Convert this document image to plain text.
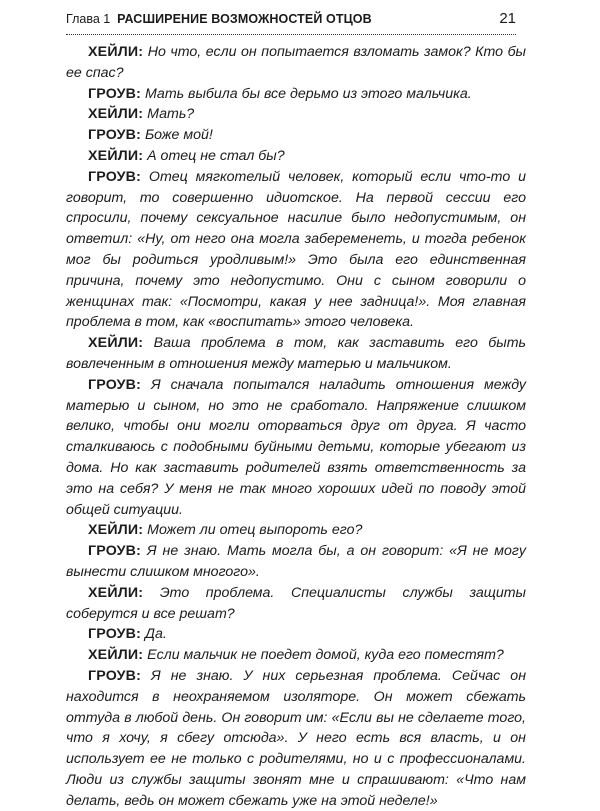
Глава 1 РАСШИРЕНИЕ ВОЗМОЖНОСТЕЙ ОТЦОВ	21

ХЕЙЛИ: Но что, если он попытается взломать замок? Кто бы ее спас?

ГРОУВ: Мать выбила бы все дерьмо из этого мальчика.

ХЕЙЛИ: Мать?

ГРОУВ: Боже мой!

ХЕЙЛИ: А отец не стал бы?

ГРОУВ: Отец мягкотелый человек, который если что-то и говорит, то совершенно идиотское. На первой сессии его спросили, почему сексуальное насилие было недопустимым, он ответил: «Ну, от него она могла забеременеть, и тогда ребенок мог бы родиться уродливым!» Это была его единственная причина, почему это недопустимо. Они с сыном говорили о женщинах так: «Посмотри, какая у нее задница!». Моя главная проблема в том, как «воспитать» этого человека.

ХЕЙЛИ: Ваша проблема в том, как заставить его быть вовлеченным в отношения между матерью и мальчиком.

ГРОУВ: Я сначала попытался наладить отношения между матерью и сыном, но это не сработало. Напряжение слишком велико, чтобы они могли оторваться друг от друга. Я часто сталкиваюсь с подобными буйными детьми, которые убегают из дома. Но как заставить родителей взять ответственность за это на себя? У меня не так много хороших идей по поводу этой общей ситуации.

ХЕЙЛИ: Может ли отец выпороть его?

ГРОУВ: Я не знаю. Мать могла бы, а он говорит: «Я не могу вынести слишком многого».

ХЕЙЛИ: Это проблема. Специалисты службы защиты соберутся и все решат?

ГРОУВ: Да.

ХЕЙЛИ: Если мальчик не поедет домой, куда его поместят?

ГРОУВ: Я не знаю. У них серьезная проблема. Сейчас он находится в неохраняемом изоляторе. Он может сбежать оттуда в любой день. Он говорит им: «Если вы не сделаете того, что я хочу, я сбегу отсюда». У него есть вся власть, и он использует ее не только с родителями, но и с профессионалами. Люди из службы защиты звонят мне и спрашивают: «Что нам делать, ведь он может сбежать уже на этой неделе!»
